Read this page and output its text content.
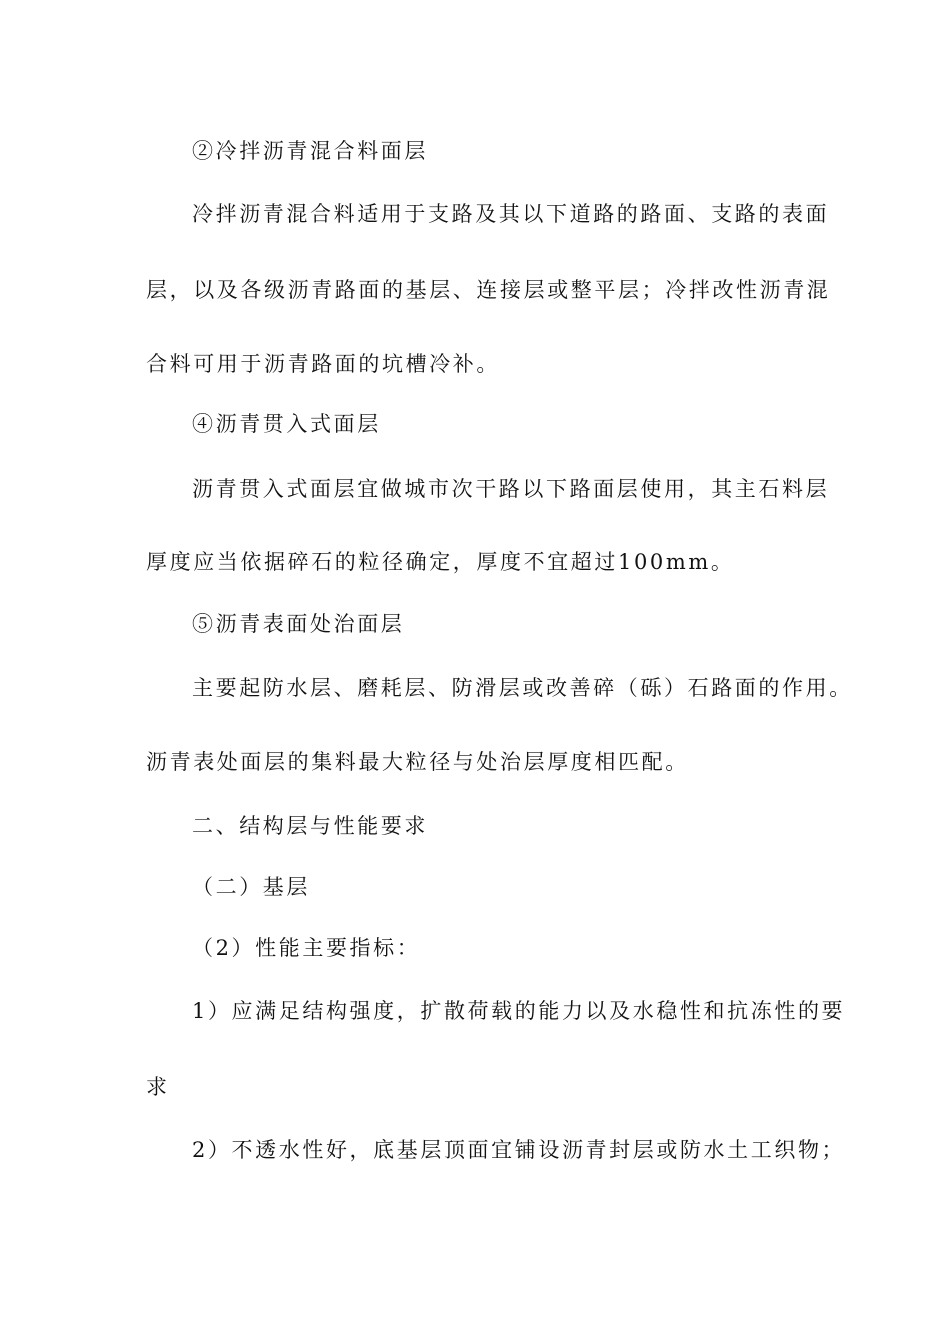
②冷拌沥青混合料面层
冷拌沥青混合料适用于支路及其以下道路的路面、支路的表面
层，以及各级沥青路面的基层、连接层或整平层；冷拌改性沥青混
合料可用于沥青路面的坑槽冷补。
④沥青贯入式面层
沥青贯入式面层宜做城市次干路以下路面层使用，其主石料层
厚度应当依据碎石的粒径确定，厚度不宜超过100mm。
⑤沥青表面处治面层
主要起防水层、磨耗层、防滑层或改善碎（砾）石路面的作用。
沥青表处面层的集料最大粒径与处治层厚度相匹配。
二、结构层与性能要求
（二）基层
（2）性能主要指标：
1）应满足结构强度，扩散荷载的能力以及水稳性和抗冻性的要
求
2）不透水性好，底基层顶面宜铺设沥青封层或防水土工织物；
